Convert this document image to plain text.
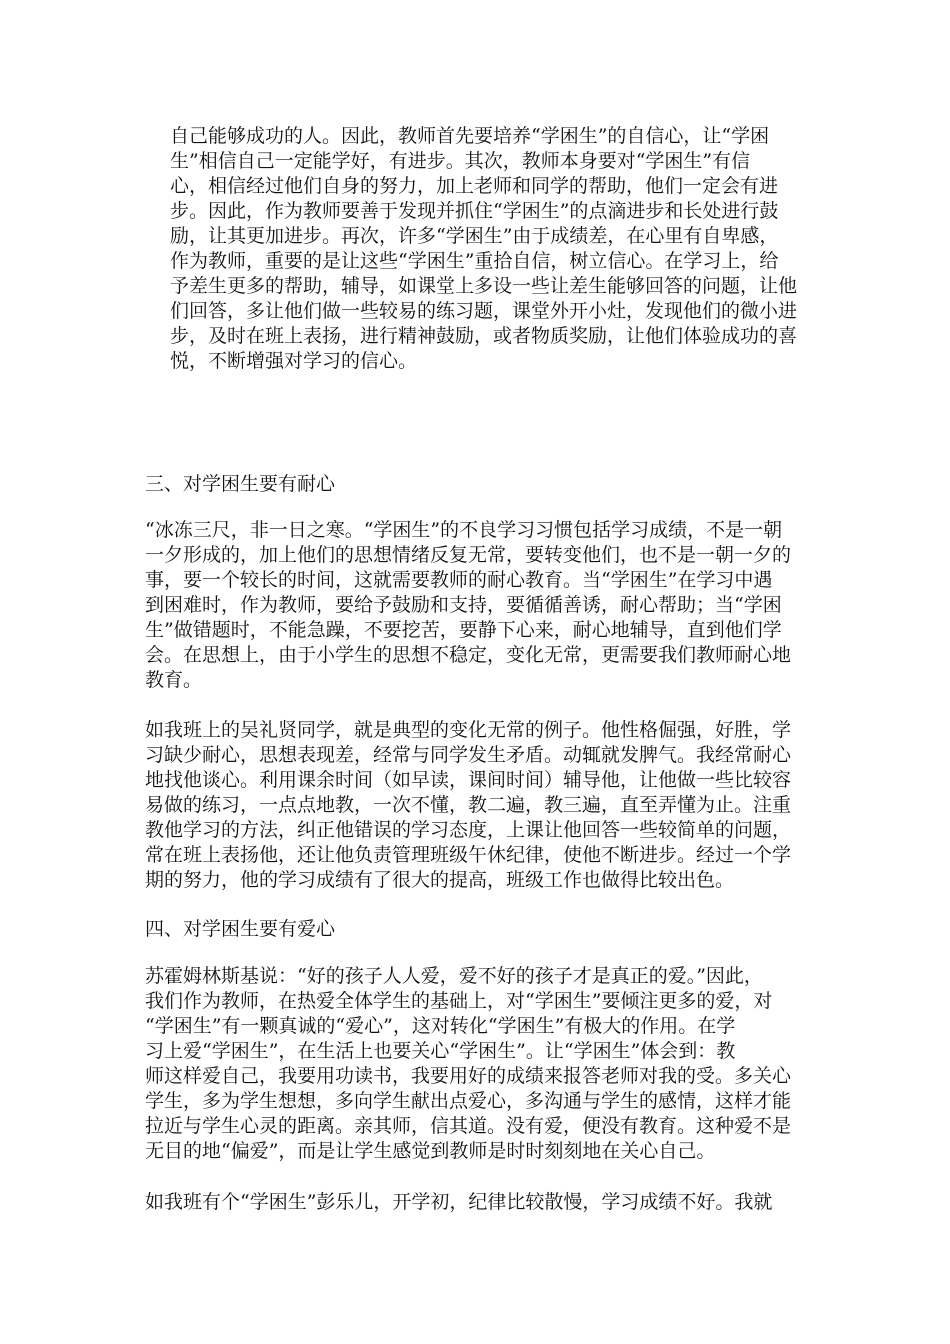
自己能够成功的人。因此，教师首先要培养“学困生”的自信心，让“学困
生”相信自己一定能学好，有进步。其次，教师本身要对“学困生”有信
心，相信经过他们自身的努力，加上老师和同学的帮助，他们一定会有进
步。因此，作为教师要善于发现并抓住“学困生”的点滴进步和长处进行鼓
励，让其更加进步。再次，许多“学困生”由于成绩差，在心里有自卑感，
作为教师，重要的是让这些“学困生”重拾自信，树立信心。在学习上，给
予差生更多的帮助，辅导，如课堂上多设一些让差生能够回答的问题，让他
们回答，多让他们做一些较易的练习题，课堂外开小灶，发现他们的微小进
步，及时在班上表扬，进行精神鼓励，或者物质奖励，让他们体验成功的喜
悦，不断增强对学习的信心。
三、对学困生要有耐心
“冰冻三尺，非一日之寒。“学困生”的不良学习习惯包括学习成绩，不是一朝
一夕形成的，加上他们的思想情绪反复无常，要转变他们，也不是一朝一夕的
事，要一个较长的时间，这就需要教师的耐心教育。当“学困生”在学习中遇
到困难时，作为教师，要给予鼓励和支持，要循循善诱，耐心帮助；当“学困
生”做错题时，不能急躁，不要挖苦，要静下心来，耐心地辅导，直到他们学
会。在思想上，由于小学生的思想不稳定，变化无常，更需要我们教师耐心地
教育。
如我班上的吴礼贤同学，就是典型的变化无常的例子。他性格倔强，好胜，学
习缺少耐心，思想表现差，经常与同学发生矛盾。动辄就发脾气。我经常耐心
地找他谈心。利用课余时间（如早读，课间时间）辅导他，让他做一些比较容
易做的练习，一点点地教，一次不懂，教二遍，教三遍，直至弄懂为止。注重
教他学习的方法，纠正他错误的学习态度，上课让他回答一些较简单的问题，
常在班上表扬他，还让他负责管理班级午休纪律，使他不断进步。经过一个学
期的努力，他的学习成绩有了很大的提高，班级工作也做得比较出色。
四、对学困生要有爱心
苏霍姆林斯基说：“好的孩子人人爱，爱不好的孩子才是真正的爱。”因此，
我们作为教师，在热爱全体学生的基础上，对“学困生”要倾注更多的爱，对
“学困生”有一颗真诚的“爱心”，这对转化“学困生”有极大的作用。在学
习上爱“学困生”，在生活上也要关心“学困生”。让“学困生”体会到：教
师这样爱自己，我要用功读书，我要用好的成绩来报答老师对我的受。多关心
学生，多为学生想想，多向学生献出点爱心，多沟通与学生的感情，这样才能
拉近与学生心灵的距离。亲其师，信其道。没有爱，便没有教育。这种爱不是
无目的地“偏爱”，而是让学生感觉到教师是时时刻刻地在关心自己。
如我班有个“学困生”彭乐儿，开学初，纪律比较散慢，学习成绩不好。我就
